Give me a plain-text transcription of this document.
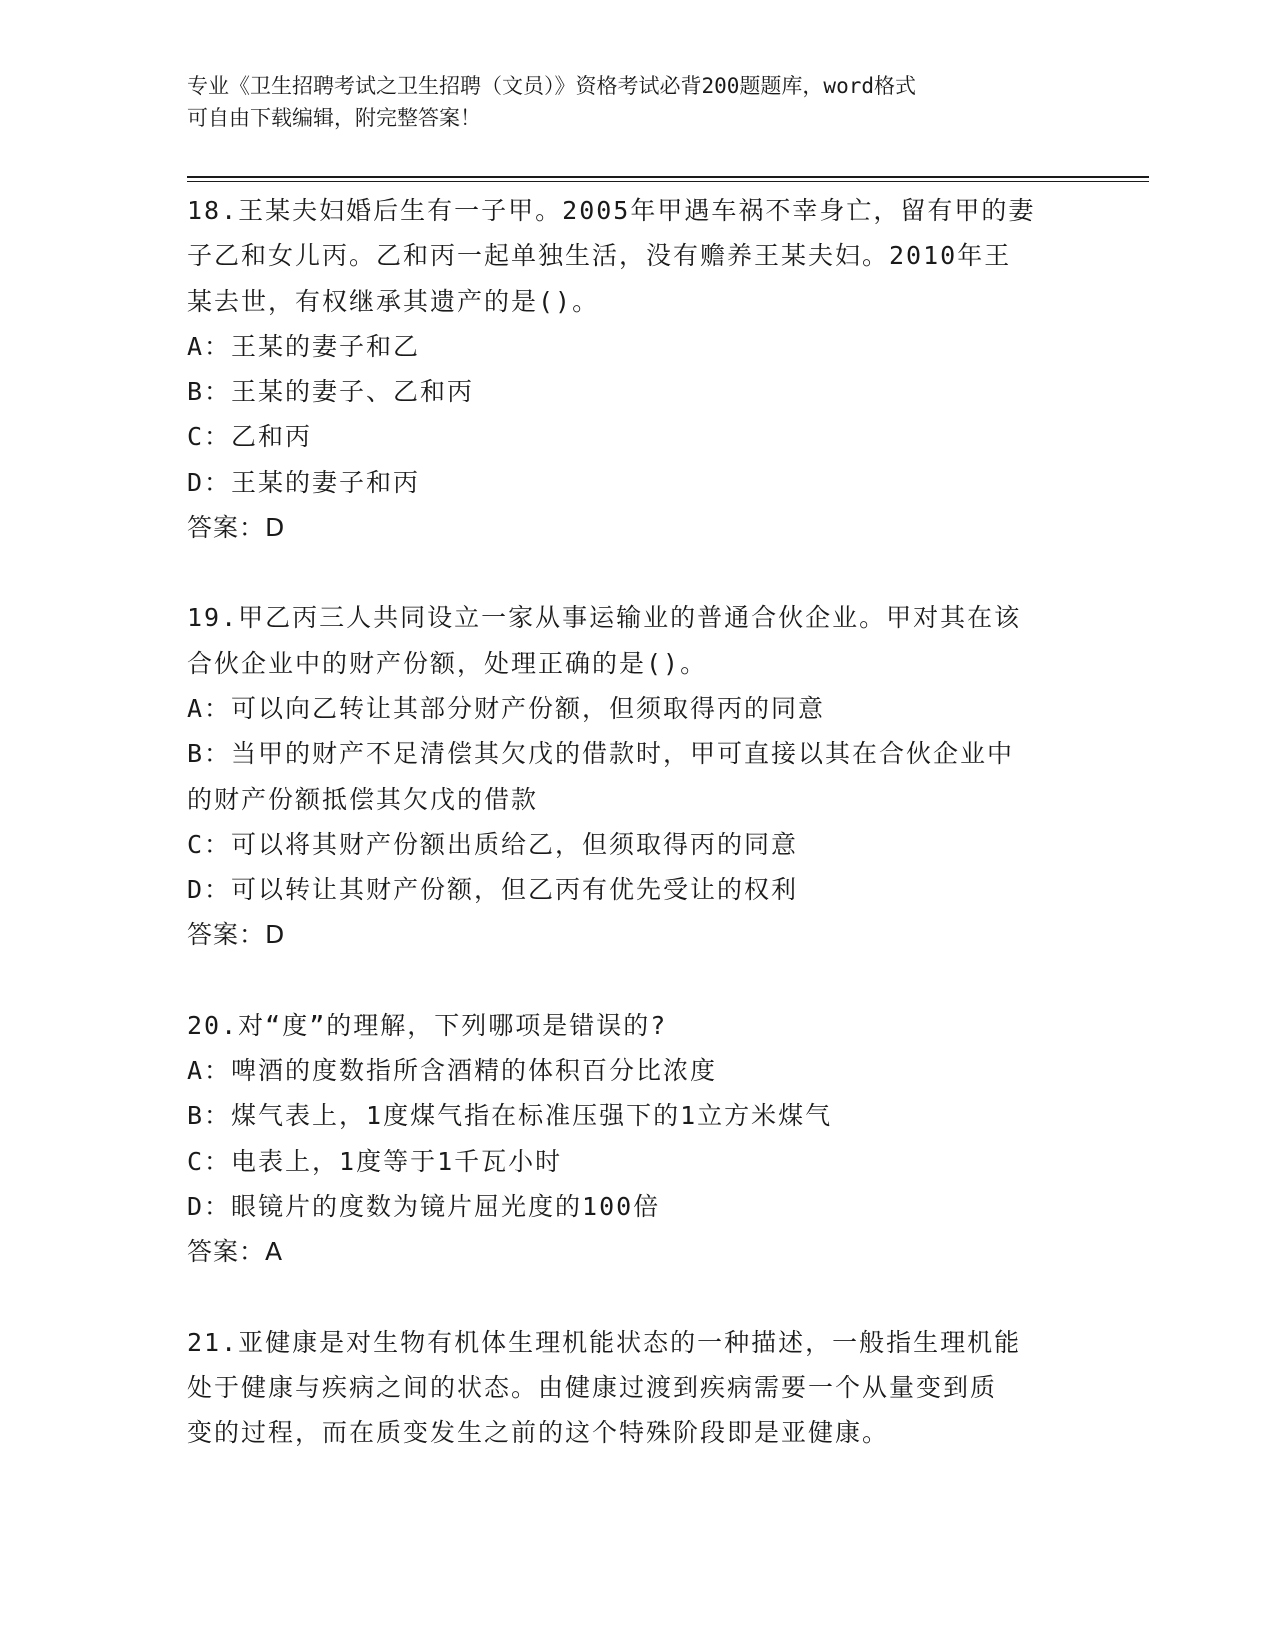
专业《卫生招聘考试之卫生招聘（文员）》资格考试必背200题题库，word格式
可自由下载编辑，附完整答案！
18.王某夫妇婚后生有一子甲。2005年甲遇车祸不幸身亡，留有甲的妻
子乙和女儿丙。乙和丙一起单独生活，没有赡养王某夫妇。2010年王
某去世，有权继承其遗产的是()。
A：王某的妻子和乙
B：王某的妻子、乙和丙
C：乙和丙
D：王某的妻子和丙
答案：D
19.甲乙丙三人共同设立一家从事运输业的普通合伙企业。甲对其在该
合伙企业中的财产份额，处理正确的是()。
A：可以向乙转让其部分财产份额，但须取得丙的同意
B：当甲的财产不足清偿其欠戊的借款时，甲可直接以其在合伙企业中
的财产份额抵偿其欠戊的借款
C：可以将其财产份额出质给乙，但须取得丙的同意
D：可以转让其财产份额，但乙丙有优先受让的权利
答案：D
20.对“度”的理解，下列哪项是错误的?
A：啤酒的度数指所含酒精的体积百分比浓度
B：煤气表上，1度煤气指在标准压强下的1立方米煤气
C：电表上，1度等于1千瓦小时
D：眼镜片的度数为镜片屈光度的100倍
答案：A
21.亚健康是对生物有机体生理机能状态的一种描述，一般指生理机能
处于健康与疾病之间的状态。由健康过渡到疾病需要一个从量变到质
变的过程，而在质变发生之前的这个特殊阶段即是亚健康。
